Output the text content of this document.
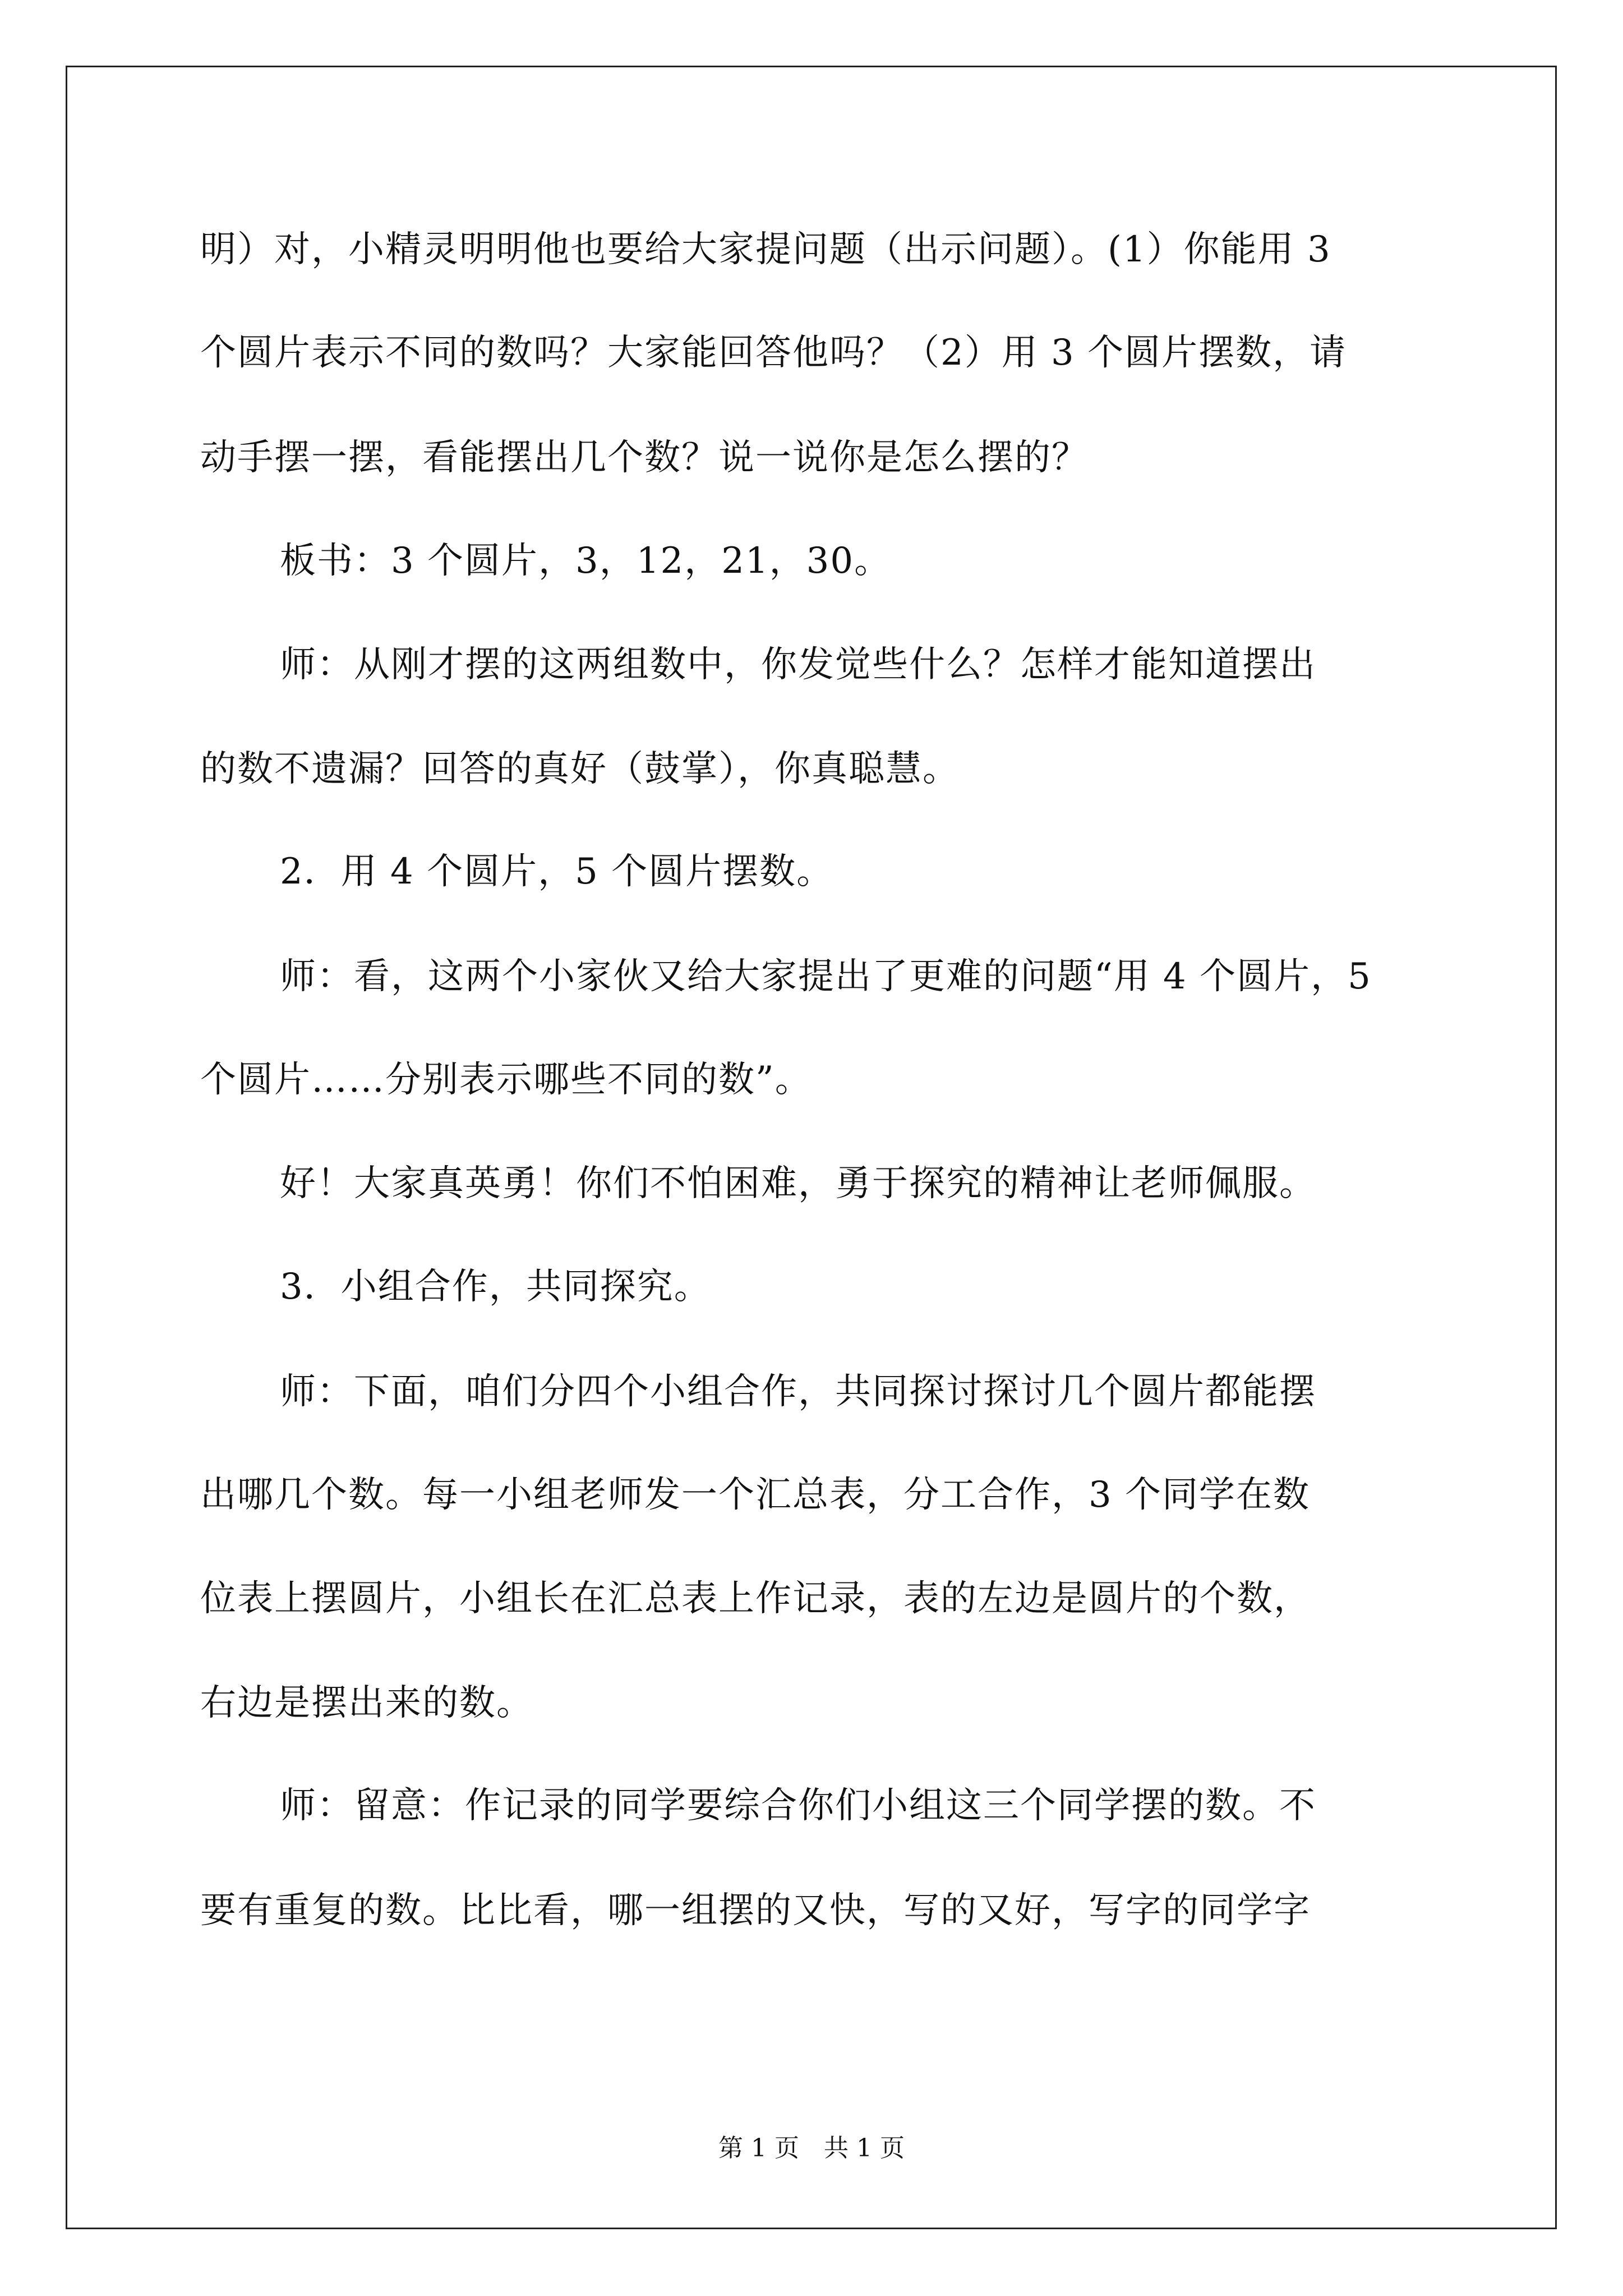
明）对，小精灵明明他也要给大家提问题（出示问题）。(1）你能用 3
个圆片表示不同的数吗？大家能回答他吗？（2）用 3 个圆片摆数，请
动手摆一摆，看能摆出几个数？说一说你是怎么摆的？
板书：3 个圆片，3，12，21，30。
师：从刚才摆的这两组数中，你发觉些什么？怎样才能知道摆出
的数不遗漏？回答的真好（鼓掌），你真聪慧。
2．用 4 个圆片，5 个圆片摆数。
师：看，这两个小家伙又给大家提出了更难的问题“用 4 个圆片，5
个圆片……分别表示哪些不同的数”。
好！大家真英勇！你们不怕困难，勇于探究的精神让老师佩服。
3．小组合作，共同探究。
师：下面，咱们分四个小组合作，共同探讨探讨几个圆片都能摆
出哪几个数。每一小组老师发一个汇总表，分工合作，3 个同学在数
位表上摆圆片，小组长在汇总表上作记录，表的左边是圆片的个数，
右边是摆出来的数。
师：留意：作记录的同学要综合你们小组这三个同学摆的数。不
要有重复的数。比比看，哪一组摆的又快，写的又好，写字的同学字
第 1 页　共 1 页
